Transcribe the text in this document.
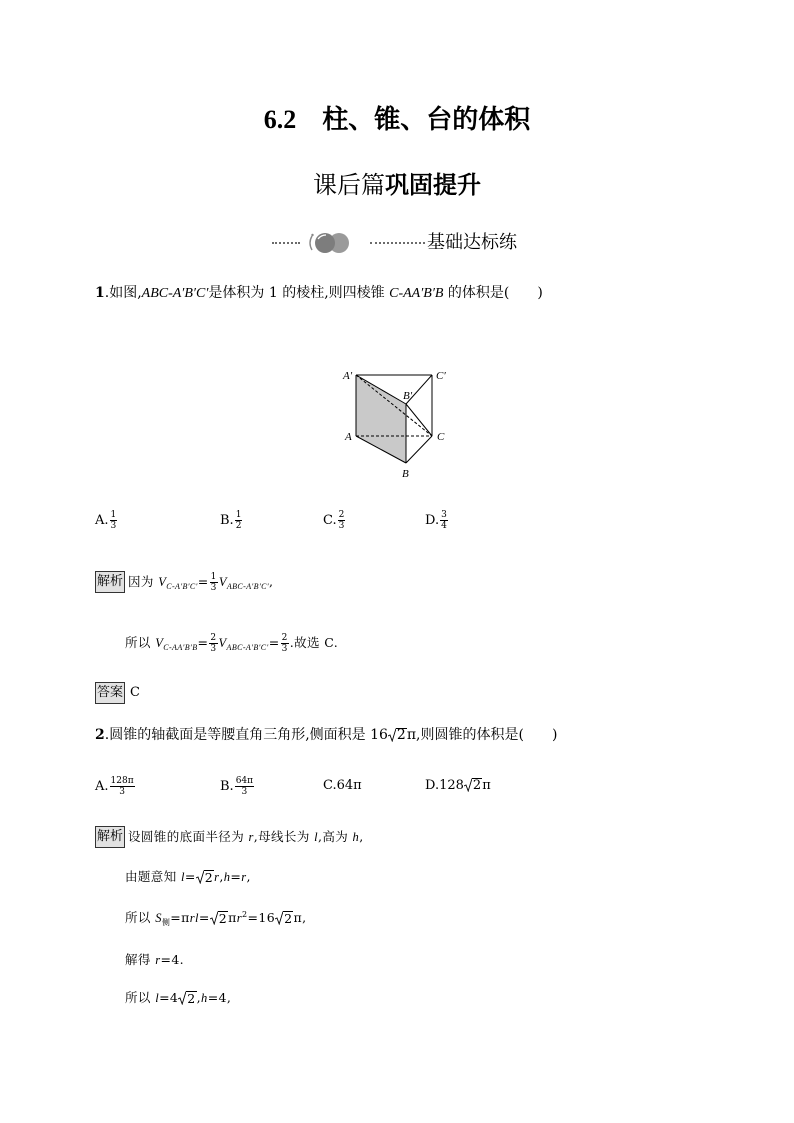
6.2 柱、锥、台的体积
课后篇巩固提升
基础达标练
1.如图,ABC-A′B′C′是体积为 1 的棱柱,则四棱锥 C-AA′B′B 的体积是(　　)
A′	C′
B′
A	C
B
A. $\frac{1}{3}$	B. $\frac{1}{2}$	C. $\frac{2}{3}$	D. $\frac{3}{4}$
解析 因为 $V_{C-A'B'C'}= \frac{1}{3} V_{ABC-A'B'C'}$,
所以 $V_{C-AA'B'B}= \frac{2}{3} V_{ABC-A'B'C'}= \frac{2}{3}$ .故选 C.
答案 C
2.圆锥的轴截面是等腰直角三角形,侧面积是 16 2 π,则圆锥的体积是(　　)
A. $\frac{128\pi}{3}$	B. $\frac{64\pi}{3}$	C.64π	D.128 2 π
解析 设圆锥的底面半径为 r,母线长为 l,高为 h,
由题意知 l= 2 r,h=r,
所以 $S_侧=\pi rl= 2$ $\pi r^2=16$ 2 π,
解得 r=4.
所以 l=4 2 ,h=4,
